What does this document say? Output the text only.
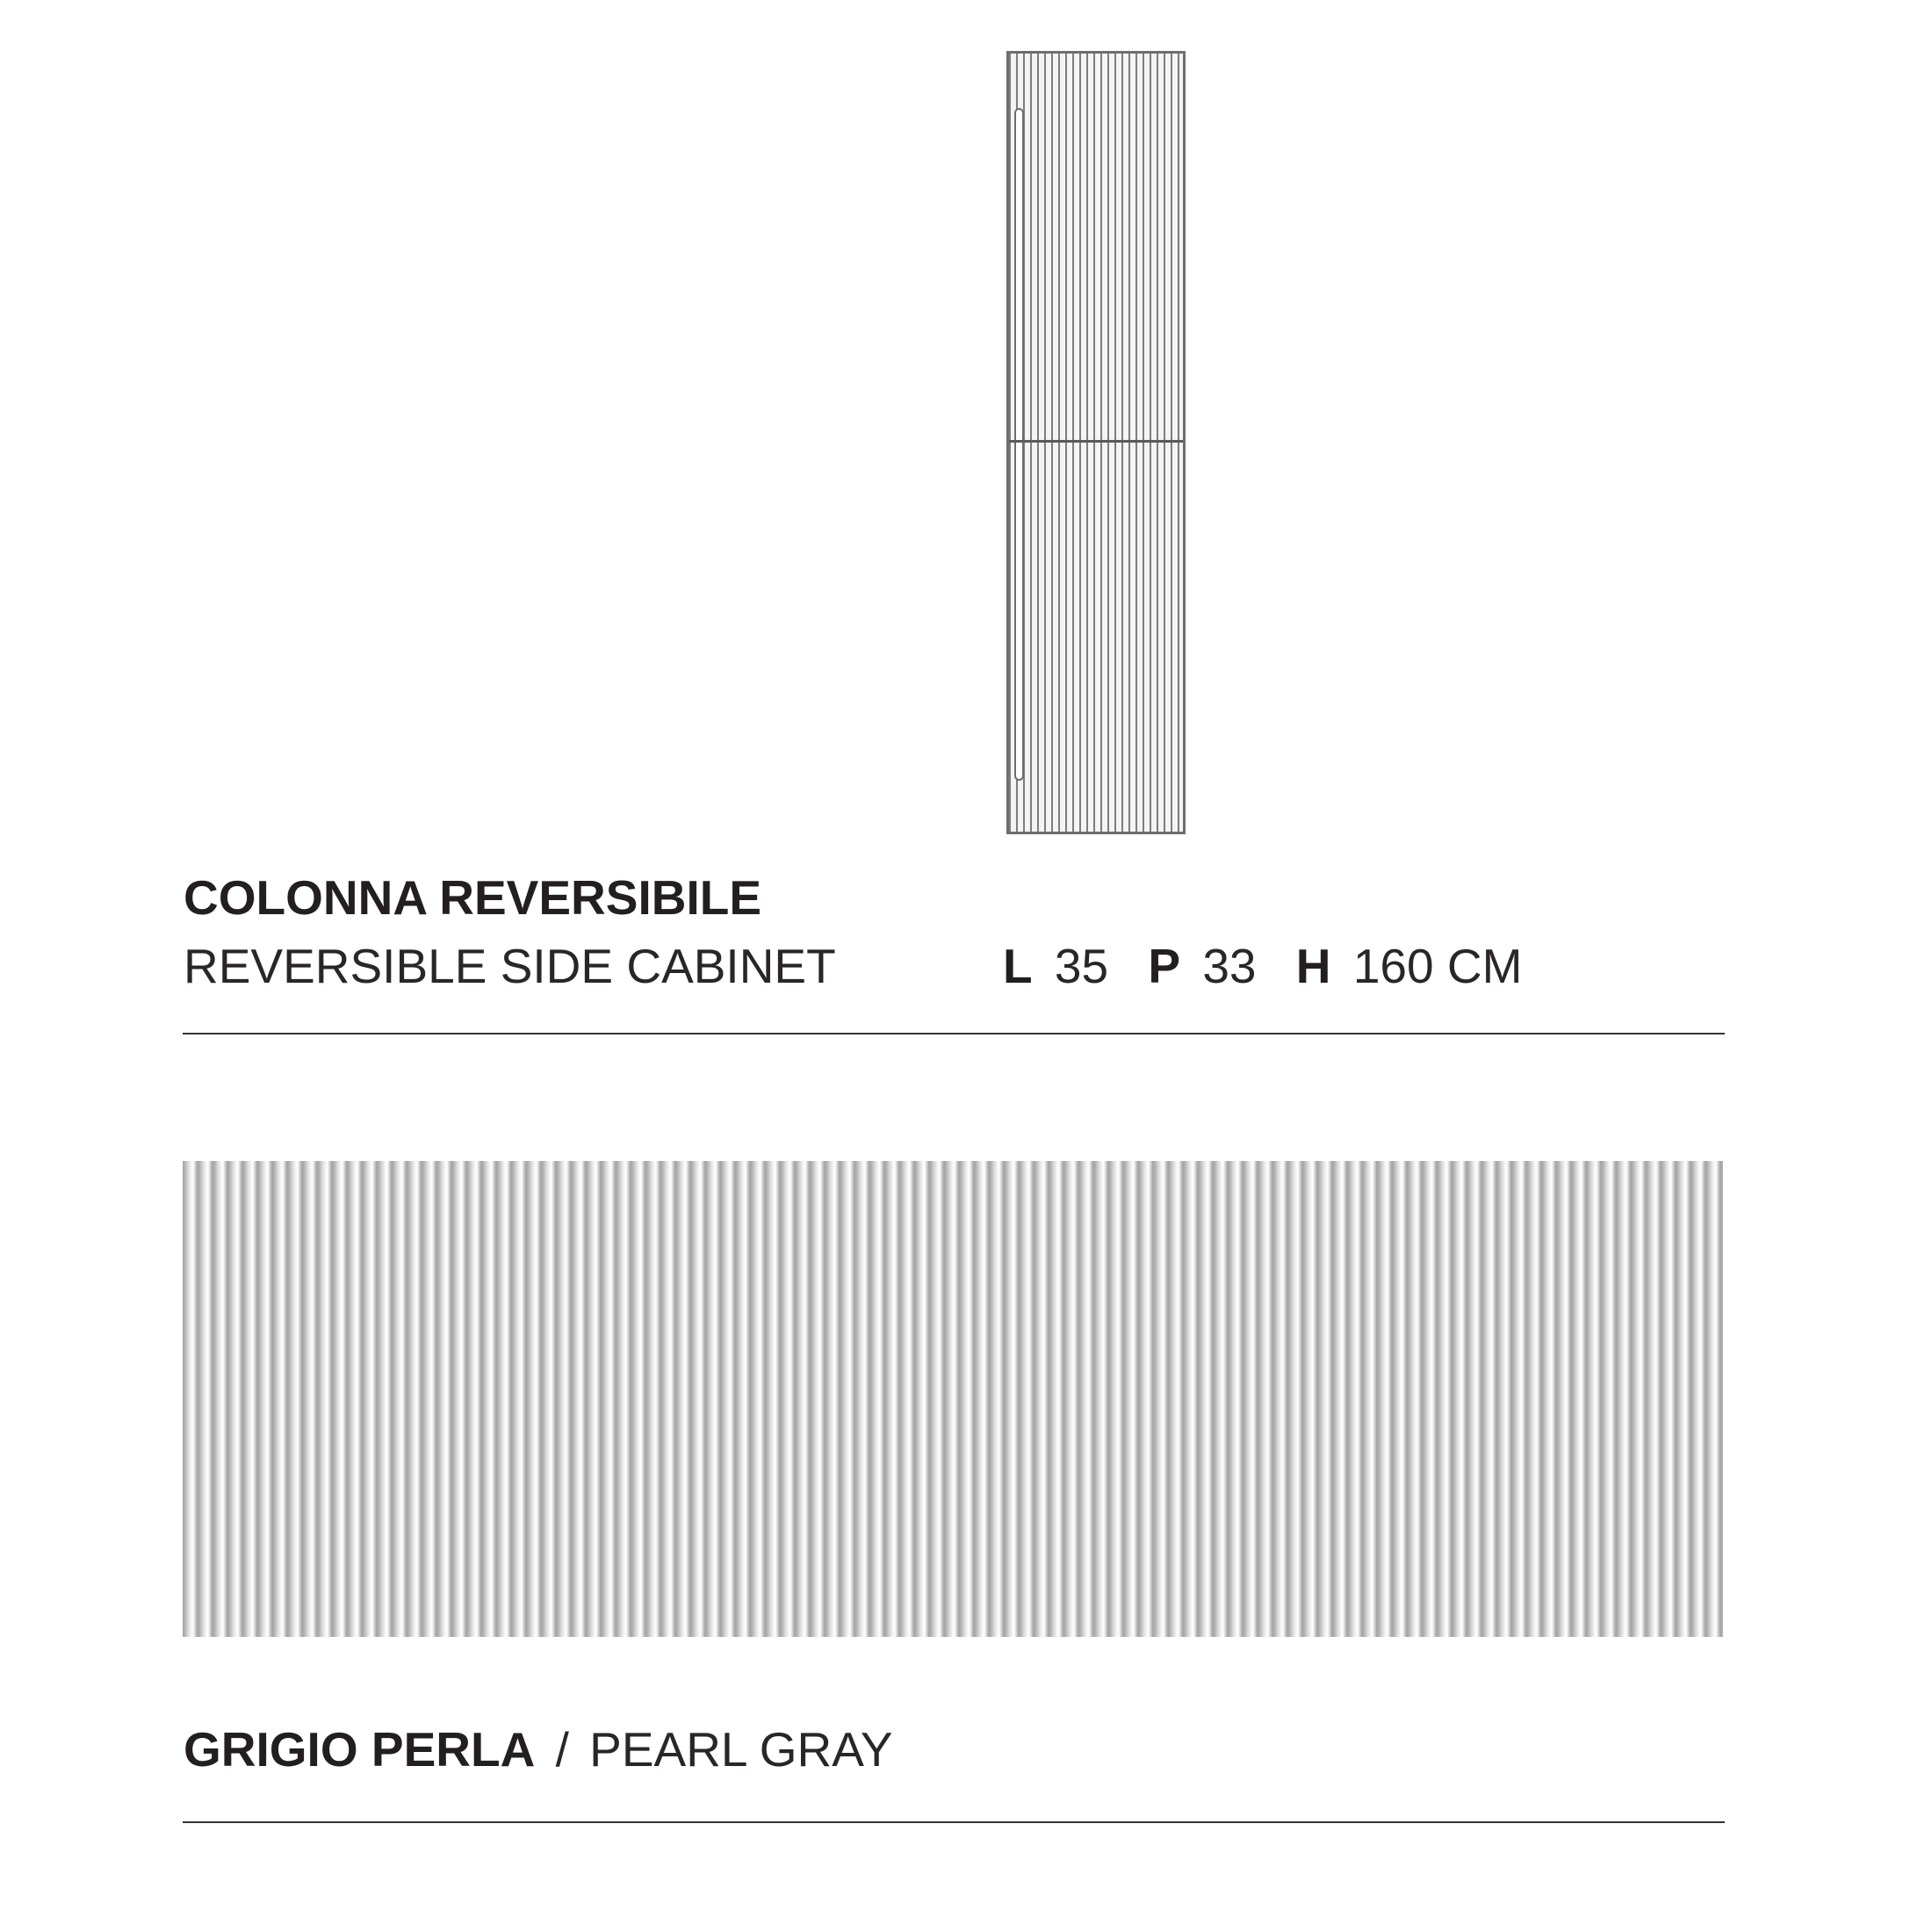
COLONNA REVERSIBILE
REVERSIBLE SIDE CABINET	L 35 P 33 H 160 CM
GRIGIO PERLA / PEARL GRAY
